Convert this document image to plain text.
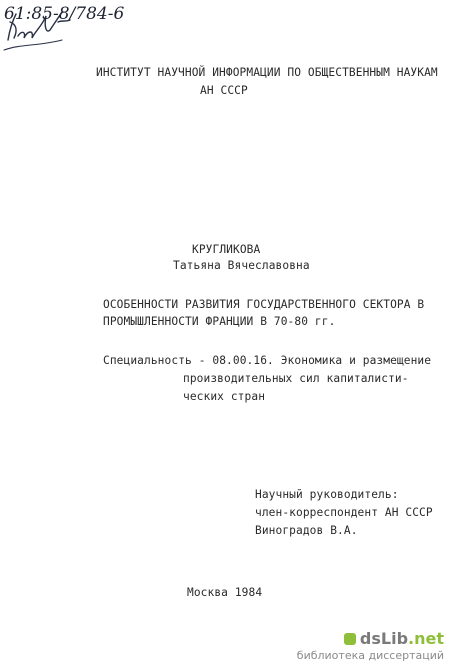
61:85-8/784-6
ИНСТИТУТ НАУЧНОЙ ИНФОРМАЦИИ ПО ОБЩЕСТВЕННЫМ НАУКАМ
АН СССР
КРУГЛИКОВА
Татьяна Вячеславовна
ОСОБЕННОСТИ РАЗВИТИЯ ГОСУДАРСТВЕННОГО СЕКТОРА В
ПРОМЫШЛЕННОСТИ ФРАНЦИИ В 70-80 гг.
Специальность - 08.00.16. Экономика и размещение
производительных сил капиталисти-
ческих стран
Научный руководитель:
член-корреспондент АН СССР
Виноградов В.А.
Москва 1984
dsLib.net
библиотека диссертаций
